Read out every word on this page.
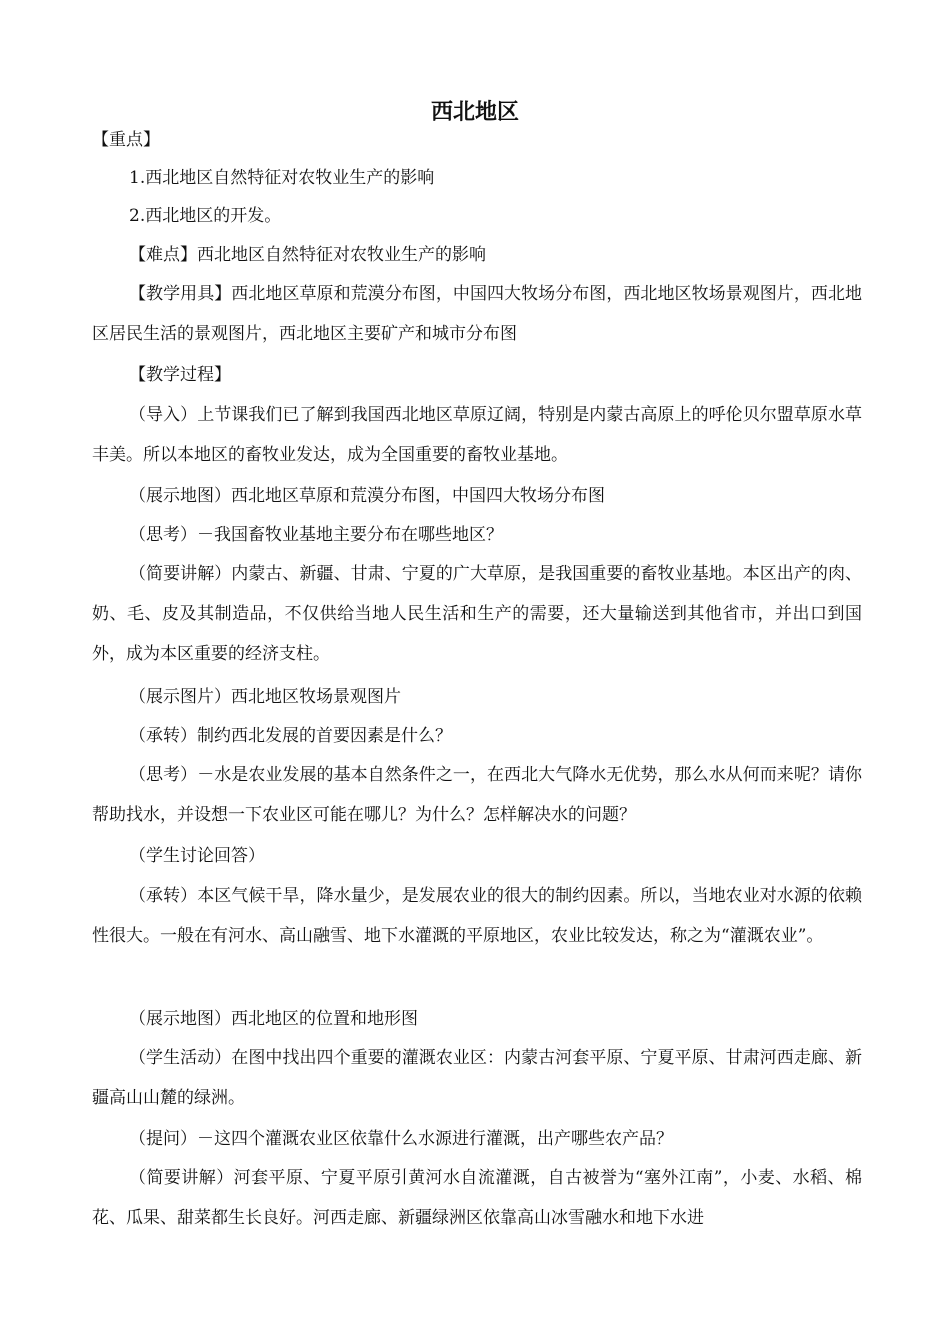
西北地区
【重点】
1.西北地区自然特征对农牧业生产的影响
2.西北地区的开发。
【难点】西北地区自然特征对农牧业生产的影响
【教学用具】西北地区草原和荒漠分布图，中国四大牧场分布图，西北地区牧场景观图片，西北地区居民生活的景观图片，西北地区主要矿产和城市分布图
【教学过程】
（导入）上节课我们已了解到我国西北地区草原辽阔，特别是内蒙古高原上的呼伦贝尔盟草原水草丰美。所以本地区的畜牧业发达，成为全国重要的畜牧业基地。
（展示地图）西北地区草原和荒漠分布图，中国四大牧场分布图
（思考）－我国畜牧业基地主要分布在哪些地区？
（简要讲解）内蒙古、新疆、甘肃、宁夏的广大草原，是我国重要的畜牧业基地。本区出产的肉、奶、毛、皮及其制造品，不仅供给当地人民生活和生产的需要，还大量输送到其他省市，并出口到国外，成为本区重要的经济支柱。
（展示图片）西北地区牧场景观图片
（承转）制约西北发展的首要因素是什么？
（思考）－水是农业发展的基本自然条件之一，在西北大气降水无优势，那么水从何而来呢？请你帮助找水，并设想一下农业区可能在哪儿？为什么？怎样解决水的问题？
（学生讨论回答）
（承转）本区气候干旱，降水量少，是发展农业的很大的制约因素。所以，当地农业对水源的依赖性很大。一般在有河水、高山融雪、地下水灌溉的平原地区，农业比较发达，称之为“灌溉农业”。
（展示地图）西北地区的位置和地形图
（学生活动）在图中找出四个重要的灌溉农业区：内蒙古河套平原、宁夏平原、甘肃河西走廊、新疆高山山麓的绿洲。
（提问）－这四个灌溉农业区依靠什么水源进行灌溉，出产哪些农产品？
（简要讲解）河套平原、宁夏平原引黄河水自流灌溉，自古被誉为“塞外江南”，小麦、水稻、棉花、瓜果、甜菜都生长良好。河西走廊、新疆绿洲区依靠高山冰雪融水和地下水进
